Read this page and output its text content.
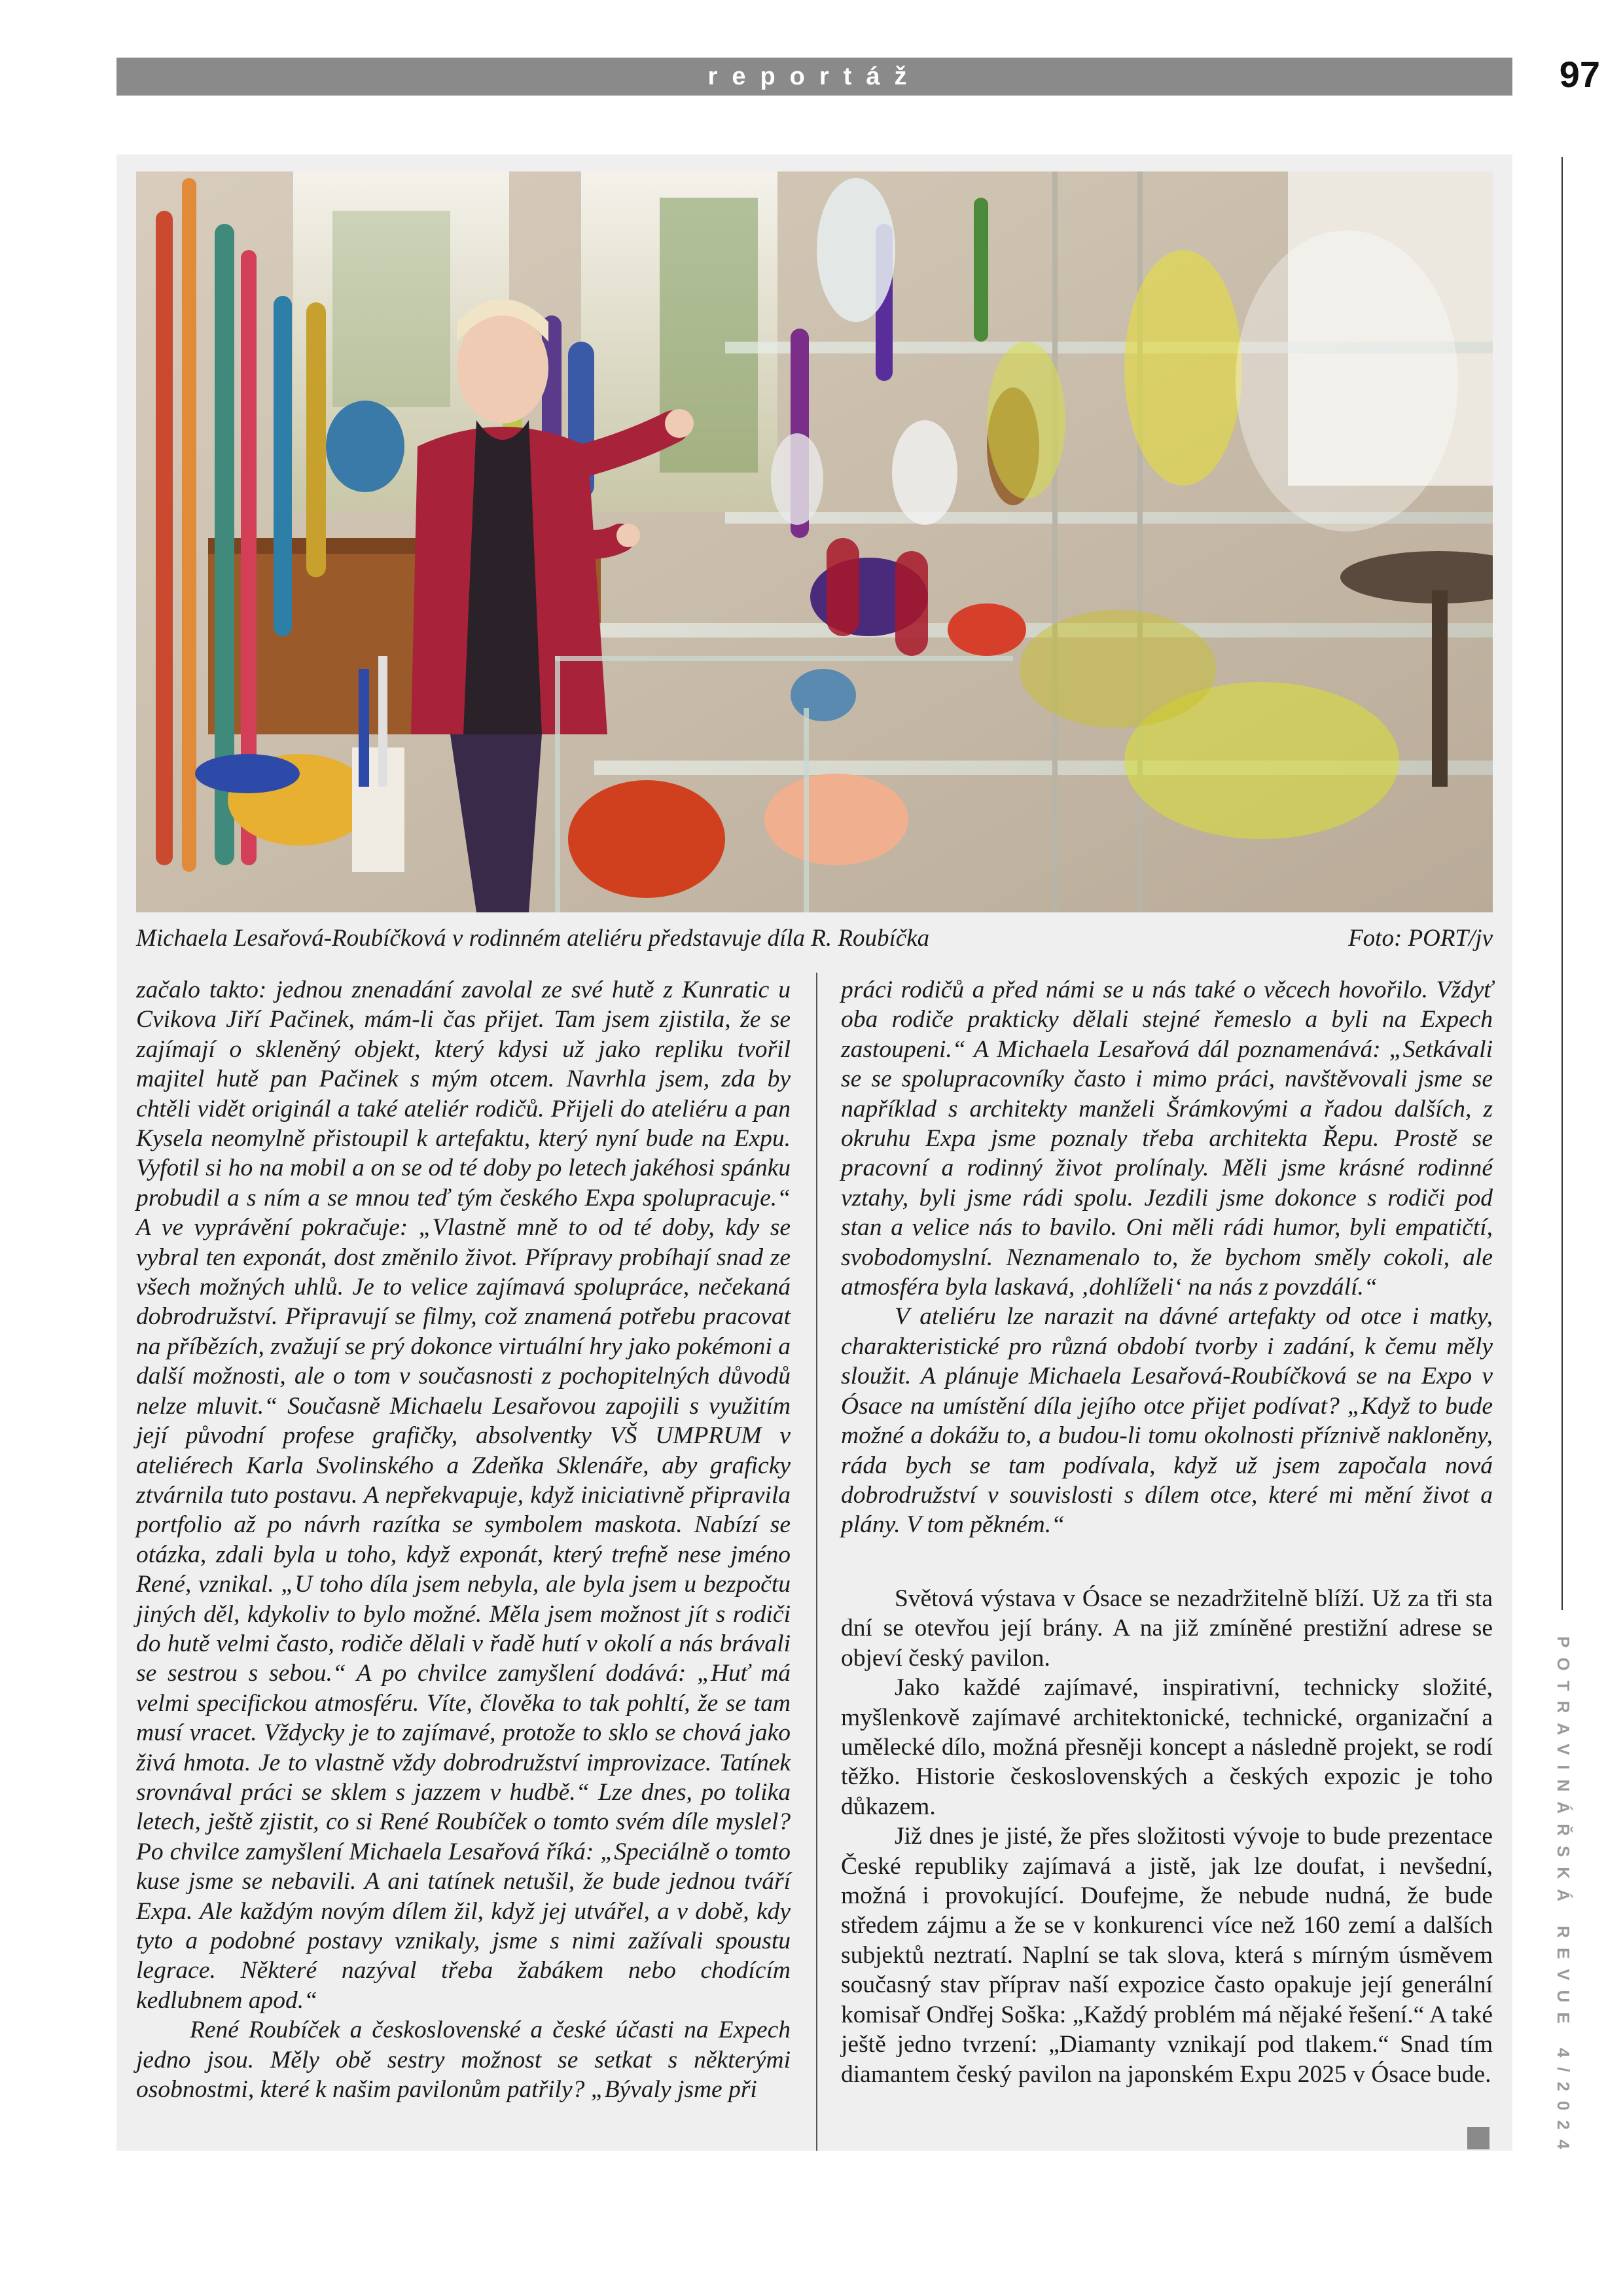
reportáž	97
Michaela Lesařová-Roubíčková v rodinném ateliéru představuje díla R. Roubíčka	Foto: PORT/jv

začalo takto: jednou znenadání zavolal ze své hutě z Kunratic u Cvikova Jiří Pačinek, mám-li čas přijet. Tam jsem zjistila, že se zajímají o skleněný objekt, který kdysi už jako repliku tvořil majitel hutě pan Pačinek s mým otcem. Navrhla jsem, zda by chtěli vidět originál a také ateliér rodičů. Přijeli do ateliéru a pan Kysela neomylně přistoupil k artefaktu, který nyní bude na Expu. Vyfotil si ho na mobil a on se od té doby po letech jakéhosi spánku probudil a s ním a se mnou teď tým českého Expa spolupracuje.“ A ve vyprávění pokračuje: „Vlastně mně to od té doby, kdy se vybral ten exponát, dost změnilo život. Přípravy probíhají snad ze všech možných uhlů. Je to velice zajímavá spolupráce, nečekaná dobrodružství. Připravují se filmy, což znamená potřebu pracovat na příbězích, zvažují se prý dokonce virtuální hry jako pokémoni a další možnosti, ale o tom v současnosti z pochopitelných důvodů nelze mluvit.“ Současně Michaelu Lesařovou zapojili s využitím její původní profese grafičky, absolventky VŠ UMPRUM v ateliérech Karla Svolinského a Zdeňka Sklenáře, aby graficky ztvárnila tuto postavu. A nepřekvapuje, když iniciativně připravila portfolio až po návrh razítka se symbolem maskota. Nabízí se otázka, zdali byla u toho, když exponát, který trefně nese jméno René, vznikal. „U toho díla jsem nebyla, ale byla jsem u bezpočtu jiných děl, kdykoliv to bylo možné. Měla jsem možnost jít s rodiči do hutě velmi často, rodiče dělali v řadě hutí v okolí a nás brávali se sestrou s sebou.“ A po chvilce zamyšlení dodává: „Huť má velmi specifickou atmosféru. Víte, člověka to tak pohltí, že se tam musí vracet. Vždycky je to zajímavé, protože to sklo se chová jako živá hmota. Je to vlastně vždy dobrodružství improvizace. Tatínek srovnával práci se sklem s jazzem v hudbě.“ Lze dnes, po tolika letech, ještě zjistit, co si René Roubíček o tomto svém díle myslel? Po chvilce zamyšlení Michaela Lesařová říká: „Speciálně o tomto kuse jsme se nebavili. A ani tatínek netušil, že bude jednou tváří Expa. Ale každým novým dílem žil, když jej utvářel, a v době, kdy tyto a podobné postavy vznikaly, jsme s nimi zažívali spoustu legrace. Některé nazýval třeba žabákem nebo chodícím kedlubnem apod.“

René Roubíček a československé a české účasti na Expech jedno jsou. Měly obě sestry možnost se setkat s některými osobnostmi, které k našim pavilonům patřily? „Bývaly jsme při

práci rodičů a před námi se u nás také o věcech hovořilo. Vždyť oba rodiče prakticky dělali stejné řemeslo a byli na Expech zastoupeni.“ A Michaela Lesařová dál poznamenává: „Setkávali se se spolupracovníky často i mimo práci, navštěvovali jsme se například s architekty manželi Šrámkovými a řadou dalších, z okruhu Expa jsme poznaly třeba architekta Řepu. Prostě se pracovní a rodinný život prolínaly. Měli jsme krásné rodinné vztahy, byli jsme rádi spolu. Jezdili jsme dokonce s rodiči pod stan a velice nás to bavilo. Oni měli rádi humor, byli empatičtí, svobodomyslní. Neznamenalo to, že bychom směly cokoli, ale atmosféra byla laskavá, ‚dohlíželi‘ na nás z povzdálí.“

V ateliéru lze narazit na dávné artefakty od otce i matky, charakteristické pro různá období tvorby i zadání, k čemu měly sloužit. A plánuje Michaela Lesařová-Roubíčková se na Expo v Ósace na umístění díla jejího otce přijet podívat? „Když to bude možné a dokážu to, a budou-li tomu okolnosti příznivě nakloněny, ráda bych se tam podívala, když už jsem započala nová dobrodružství v souvislosti s dílem otce, které mi mění život a plány. V tom pěkném.“

Světová výstava v Ósace se nezadržitelně blíží. Už za tři sta dní se otevřou její brány. A na již zmíněné prestižní adrese se objeví český pavilon.

Jako každé zajímavé, inspirativní, technicky složité, myšlenkově zajímavé architektonické, technické, organizační a umělecké dílo, možná přesněji koncept a následně projekt, se rodí těžko. Historie československých a českých expozic je toho důkazem.

Již dnes je jisté, že přes složitosti vývoje to bude prezentace České republiky zajímavá a jistě, jak lze doufat, i nevšední, možná i provokující. Doufejme, že nebude nudná, že bude středem zájmu a že se v konkurenci více než 160 zemí a dalších subjektů neztratí. Naplní se tak slova, která s mírným úsměvem současný stav příprav naší expozice často opakuje její generální komisař Ondřej Soška: „Každý problém má nějaké řešení.“ A také ještě jedno tvrzení: „Diamanty vznikají pod tlakem.“ Snad tím diamantem český pavilon na japonském Expu 2025 v Ósace bude.	POTRAVINÁŘSKÁ REVUE 4/2024
